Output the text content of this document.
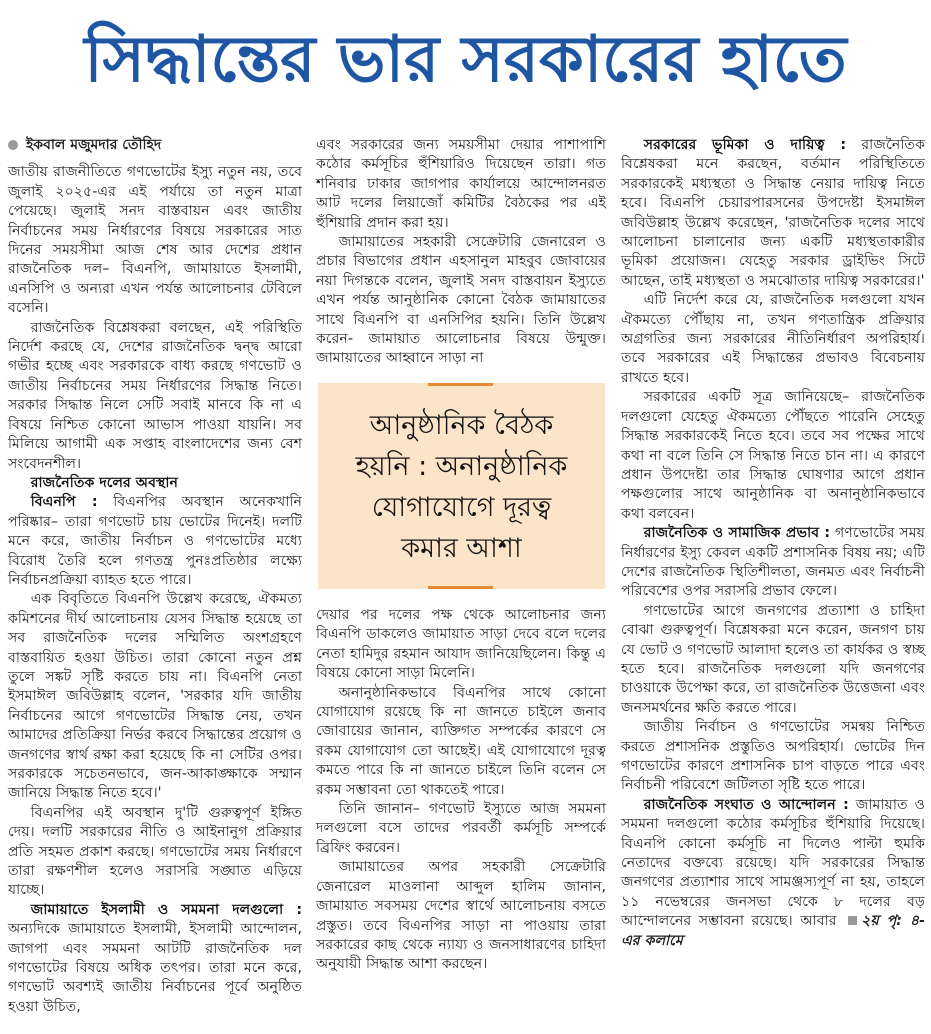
সিদ্ধান্তের ভার সরকারের হাতে
ইকবাল মজুমদার তৌহিদ

জাতীয় রাজনীতিতে গণভোটের ইস্যু নতুন নয়, তবে জুলাই ২০২৫-এর এই পর্যায়ে তা নতুন মাত্রা পেয়েছে। জুলাই সনদ বাস্তবায়ন এবং জাতীয় নির্বাচনের সময় নির্ধারণের বিষয়ে সরকারের সাত দিনের সময়সীমা আজ শেষ আর দেশের প্রধান রাজনৈতিক দল– বিএনপি, জামায়াতে ইসলামী, এনসিপি ও অন্যরা এখন পর্যন্ত আলোচনার টেবিলে বসেনি।

রাজনৈতিক বিশ্লেষকরা বলছেন, এই পরিস্থিতি নির্দেশ করছে যে, দেশের রাজনৈতিক দ্বন্দ্ব আরো গভীর হচ্ছে এবং সরকারকে বাধ্য করছে গণভোট ও জাতীয় নির্বাচনের সময় নির্ধারণের সিদ্ধান্ত নিতে। সরকার সিদ্ধান্ত নিলে সেটি সবাই মানবে কি না এ বিষয়ে নিশ্চিত কোনো আভাস পাওয়া যায়নি। সব মিলিয়ে আগামী এক সপ্তাহ বাংলাদেশের জন্য বেশ সংবেদনশীল।

রাজনৈতিক দলের অবস্থান

বিএনপি : বিএনপির অবস্থান অনেকখানি পরিষ্কার– তারা গণভোট চায় ভোটের দিনেই। দলটি মনে করে, জাতীয় নির্বাচন ও গণভোটের মধ্যে বিরোধ তৈরি হলে গণতন্ত্র পুনঃপ্রতিষ্ঠার লক্ষ্যে নির্বাচনপ্রক্রিয়া ব্যাহত হতে পারে।

এক বিবৃতিতে বিএনপি উল্লেখ করেছে, ঐকমত্য কমিশনের দীর্ঘ আলোচনায় যেসব সিদ্ধান্ত হয়েছে তা সব রাজনৈতিক দলের সম্মিলিত অংশগ্রহণে বাস্তবায়িত হওয়া উচিত। তারা কোনো নতুন প্রশ্ন তুলে সঙ্কট সৃষ্টি করতে চায় না। বিএনপি নেতা ইসমাঈল জবিউল্লাহ বলেন, 'সরকার যদি জাতীয় নির্বাচনের আগে গণভোটের সিদ্ধান্ত নেয়, তখন আমাদের প্রতিক্রিয়া নির্ভর করবে সিদ্ধান্তের প্রয়োগ ও জনগণের স্বার্থ রক্ষা করা হয়েছে কি না সেটির ওপর। সরকারকে সচেতনভাবে, জন-আকাঙ্ক্ষাকে সম্মান জানিয়ে সিদ্ধান্ত নিতে হবে।'

বিএনপির এই অবস্থান দু'টি গুরুত্বপূর্ণ ইঙ্গিত দেয়। দলটি সরকারের নীতি ও আইনানুগ প্রক্রিয়ার প্রতি সহমত প্রকাশ করছে। গণভোটের সময় নির্ধারণে তারা রক্ষণশীল হলেও সরাসরি সঙ্ঘাত এড়িয়ে যাচ্ছে।

জামায়াতে ইসলামী ও সমমনা দলগুলো : অন্যদিকে জামায়াতে ইসলামী, ইসলামী আন্দোলন, জাগপা এবং সমমনা আটটি রাজনৈতিক দল গণভোটের বিষয়ে অধিক তৎপর। তারা মনে করে, গণভোট অবশ্যই জাতীয় নির্বাচনের পূর্বে অনুষ্ঠিত হওয়া উচিত,

এবং সরকারের জন্য সময়সীমা দেয়ার পাশাপাশি কঠোর কর্মসূচির হুঁশিয়ারিও দিয়েছেন তারা। গত শনিবার ঢাকার জাগপার কার্যালয়ে আন্দোলনরত আট দলের লিয়াজোঁ কমিটির বৈঠকের পর এই হুঁশিয়ারি প্রদান করা হয়।

জামায়াতের সহকারী সেক্রেটারি জেনারেল ও প্রচার বিভাগের প্রধান এহসানুল মাহবুব জোবায়ের নয়া দিগন্তকে বলেন, জুলাই সনদ বাস্তবায়ন ইস্যুতে এখন পর্যন্ত আনুষ্ঠানিক কোনো বৈঠক জামায়াতের সাথে বিএনপি বা এনসিপির হয়নি। তিনি উল্লেখ করেন- জামায়াত আলোচনার বিষয়ে উন্মুক্ত। জামায়াতের আহ্বানে সাড়া না

আনুষ্ঠানিক বৈঠক
হয়নি : অনানুষ্ঠানিক
যোগাযোগে দূরত্ব
কমার আশা

দেয়ার পর দলের পক্ষ থেকে আলোচনার জন্য বিএনপি ডাকলেও জামায়াত সাড়া দেবে বলে দলের নেতা হামিদুর রহমান আযাদ জানিয়েছিলেন। কিন্তু এ বিষয়ে কোনো সাড়া মিলেনি।

অনানুষ্ঠানিকভাবে বিএনপির সাথে কোনো যোগাযোগ রয়েছে কি না জানতে চাইলে জনাব জোবায়ের জানান, ব্যক্তিগত সম্পর্কের কারণে সে রকম যোগাযোগ তো আছেই। এই যোগাযোগে দূরত্ব কমতে পারে কি না জানতে চাইলে তিনি বলেন সে রকম সম্ভাবনা তো থাকতেই পারে।

তিনি জানান– গণভোট ইস্যুতে আজ সমমনা দলগুলো বসে তাদের পরবর্তী কর্মসূচি সম্পর্কে ব্রিফিং করবেন।

জামায়াতের অপর সহকারী সেক্রেটারি জেনারেল মাওলানা আব্দুল হালিম জানান, জামায়াত সবসময় দেশের স্বার্থে আলোচনায় বসতে প্রস্তুত। তবে বিএনপির সাড়া না পাওয়ায় তারা সরকারের কাছ থেকে ন্যায্য ও জনসাধারণের চাহিদা অনুযায়ী সিদ্ধান্ত আশা করছেন।

সরকারের ভূমিকা ও দায়িত্ব : রাজনৈতিক বিশ্লেষকরা মনে করছেন, বর্তমান পরিস্থিতিতে সরকারকেই মধ্যস্থতা ও সিদ্ধান্ত নেয়ার দায়িত্ব নিতে হবে। বিএনপি চেয়ারপারসনের উপদেষ্টা ইসমাঈল জবিউল্লাহ উল্লেখ করেছেন, 'রাজনৈতিক দলের সাথে আলোচনা চালানোর জন্য একটি মধ্যস্থতাকারীর ভূমিকা প্রয়োজন। যেহেতু সরকার ড্রাইভিং সিটে আছেন, তাই মধ্যস্থতা ও সমঝোতার দায়িত্ব সরকারের।'

এটি নির্দেশ করে যে, রাজনৈতিক দলগুলো যখন ঐকমত্যে পৌঁছায় না, তখন গণতান্ত্রিক প্রক্রিয়ার অগ্রগতির জন্য সরকারের নীতিনির্ধারণ অপরিহার্য। তবে সরকারের এই সিদ্ধান্তের প্রভাবও বিবেচনায় রাখতে হবে।

সরকারের একটি সূত্র জানিয়েছে– রাজনৈতিক দলগুলো যেহেতু ঐকমত্যে পৌঁছতে পারেনি সেহেতু সিদ্ধান্ত সরকারকেই নিতে হবে। তবে সব পক্ষের সাথে কথা না বলে তিনি সে সিদ্ধান্ত নিতে চান না। এ কারণে প্রধান উপদেষ্টা তার সিদ্ধান্ত ঘোষণার আগে প্রধান পক্ষগুলোর সাথে আনুষ্ঠানিক বা অনানুষ্ঠানিকভাবে কথা বলবেন।

রাজনৈতিক ও সামাজিক প্রভাব : গণভোটের সময় নির্ধারণের ইস্যু কেবল একটি প্রশাসনিক বিষয় নয়; এটি দেশের রাজনৈতিক স্থিতিশীলতা, জনমত এবং নির্বাচনী পরিবেশের ওপর সরাসরি প্রভাব ফেলে।

গণভোটের আগে জনগণের প্রত্যাশা ও চাহিদা বোঝা গুরুত্বপূর্ণ। বিশ্লেষকরা মনে করেন, জনগণ চায় যে ভোট ও গণভোট আলাদা হলেও তা কার্যকর ও স্বচ্ছ হতে হবে। রাজনৈতিক দলগুলো যদি জনগণের চাওয়াকে উপেক্ষা করে, তা রাজনৈতিক উত্তেজনা এবং জনসমর্থনের ক্ষতি করতে পারে।

জাতীয় নির্বাচন ও গণভোটের সমন্বয় নিশ্চিত করতে প্রশাসনিক প্রস্তুতিও অপরিহার্য। ভোটের দিন গণভোটের কারণে প্রশাসনিক চাপ বাড়তে পারে এবং নির্বাচনী পরিবেশে জটিলতা সৃষ্টি হতে পারে।

রাজনৈতিক সংঘাত ও আন্দোলন : জামায়াত ও সমমনা দলগুলো কঠোর কর্মসূচির হুঁশিয়ারি দিয়েছে। বিএনপি কোনো কর্মসূচি না দিলেও পাল্টা হুমকি নেতাদের বক্তব্যে রয়েছে। যদি সরকারের সিদ্ধান্ত জনগণের প্রত্যাশার সাথে সামঞ্জস্যপূর্ণ না হয়, তাহলে ১১ নভেম্বরের জনসভা থেকে ৮ দলের বড় আন্দোলনের সম্ভাবনা রয়েছে। আবার ২য় পৃ: ৪-এর কলামে
